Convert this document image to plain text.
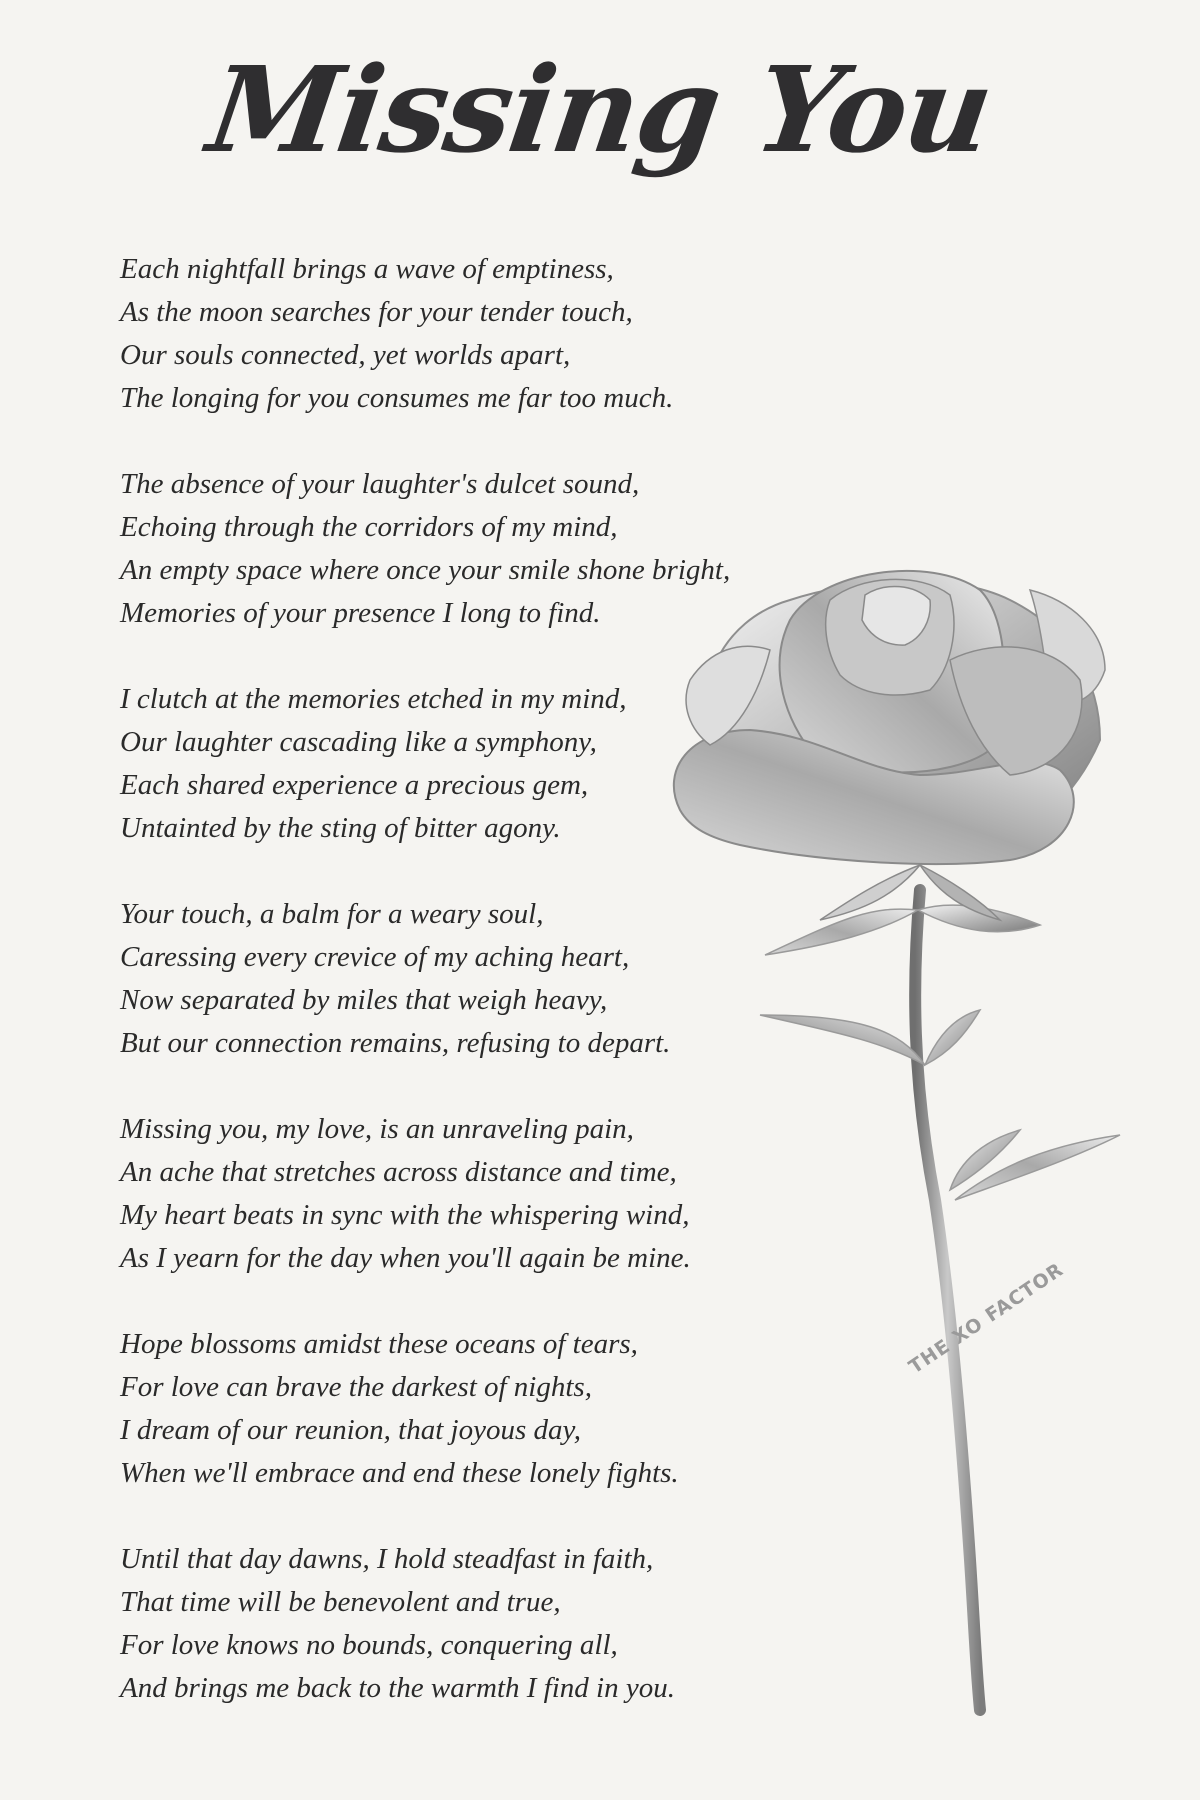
Missing You
Each nightfall brings a wave of emptiness,
As the moon searches for your tender touch,
Our souls connected, yet worlds apart,
The longing for you consumes me far too much.
The absence of your laughter's dulcet sound,
Echoing through the corridors of my mind,
An empty space where once your smile shone bright,
Memories of your presence I long to find.
I clutch at the memories etched in my mind,
Our laughter cascading like a symphony,
Each shared experience a precious gem,
Untainted by the sting of bitter agony.
Your touch, a balm for a weary soul,
Caressing every crevice of my aching heart,
Now separated by miles that weigh heavy,
But our connection remains, refusing to depart.
Missing you, my love, is an unraveling pain,
An ache that stretches across distance and time,
My heart beats in sync with the whispering wind,
As I yearn for the day when you'll again be mine.
Hope blossoms amidst these oceans of tears,
For love can brave the darkest of nights,
I dream of our reunion, that joyous day,
When we'll embrace and end these lonely fights.
Until that day dawns, I hold steadfast in faith,
That time will be benevolent and true,
For love knows no bounds, conquering all,
And brings me back to the warmth I find in you.
THE XO FACTOR
